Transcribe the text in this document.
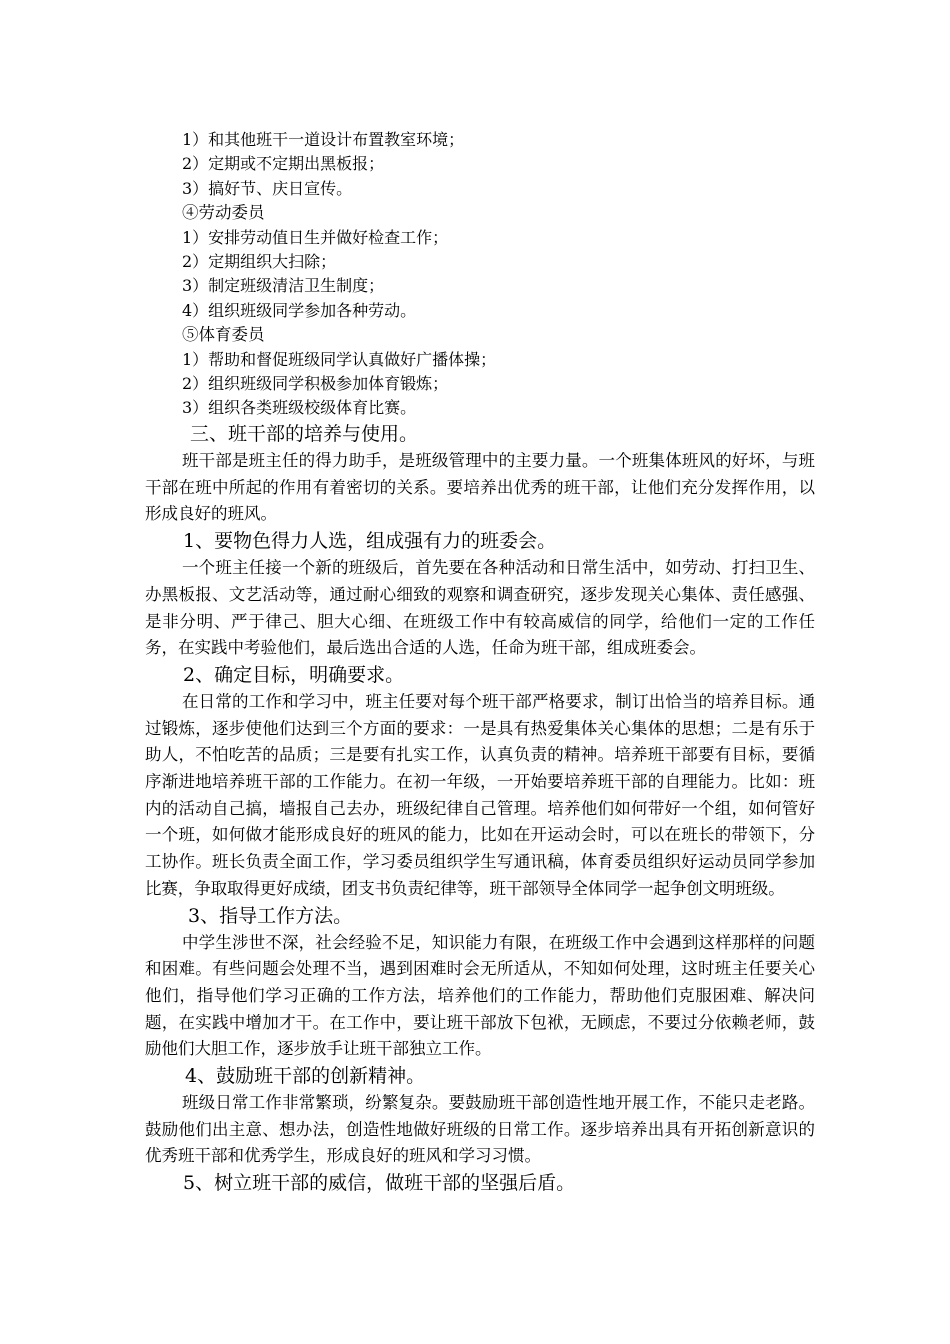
1）和其他班干一道设计布置教室环境；
2）定期或不定期出黑板报；
3）搞好节、庆日宣传。
④劳动委员
1）安排劳动值日生并做好检查工作；
2）定期组织大扫除；
3）制定班级清洁卫生制度；
4）组织班级同学参加各种劳动。
⑤体育委员
1）帮助和督促班级同学认真做好广播体操；
2）组织班级同学积极参加体育锻炼；
3）组织各类班级校级体育比赛。
三、班干部的培养与使用。

班干部是班主任的得力助手，是班级管理中的主要力量。一个班集体班风的好坏，与班干部在班中所起的作用有着密切的关系。要培养出优秀的班干部，让他们充分发挥作用，以形成良好的班风。

1、要物色得力人选，组成强有力的班委会。

一个班主任接一个新的班级后，首先要在各种活动和日常生活中，如劳动、打扫卫生、办黑板报、文艺活动等，通过耐心细致的观察和调查研究，逐步发现关心集体、责任感强、是非分明、严于律己、胆大心细、在班级工作中有较高威信的同学，给他们一定的工作任务，在实践中考验他们，最后选出合适的人选，任命为班干部，组成班委会。

2、确定目标，明确要求。

在日常的工作和学习中，班主任要对每个班干部严格要求，制订出恰当的培养目标。通过锻炼，逐步使他们达到三个方面的要求：一是具有热爱集体关心集体的思想；二是有乐于助人，不怕吃苦的品质；三是要有扎实工作，认真负责的精神。培养班干部要有目标，要循序渐进地培养班干部的工作能力。在初一年级，一开始要培养班干部的自理能力。比如：班内的活动自己搞，墙报自己去办，班级纪律自己管理。培养他们如何带好一个组，如何管好一个班，如何做才能形成良好的班风的能力，比如在开运动会时，可以在班长的带领下，分工协作。班长负责全面工作，学习委员组织学生写通讯稿，体育委员组织好运动员同学参加比赛，争取取得更好成绩，团支书负责纪律等，班干部领导全体同学一起争创文明班级。

3、指导工作方法。

中学生涉世不深，社会经验不足，知识能力有限，在班级工作中会遇到这样那样的问题和困难。有些问题会处理不当，遇到困难时会无所适从，不知如何处理，这时班主任要关心他们，指导他们学习正确的工作方法，培养他们的工作能力，帮助他们克服困难、解决问题，在实践中增加才干。在工作中，要让班干部放下包袱，无顾虑，不要过分依赖老师，鼓励他们大胆工作，逐步放手让班干部独立工作。

4、鼓励班干部的创新精神。

班级日常工作非常繁琐，纷繁复杂。要鼓励班干部创造性地开展工作，不能只走老路。鼓励他们出主意、想办法，创造性地做好班级的日常工作。逐步培养出具有开拓创新意识的优秀班干部和优秀学生，形成良好的班风和学习习惯。

5、树立班干部的威信，做班干部的坚强后盾。
